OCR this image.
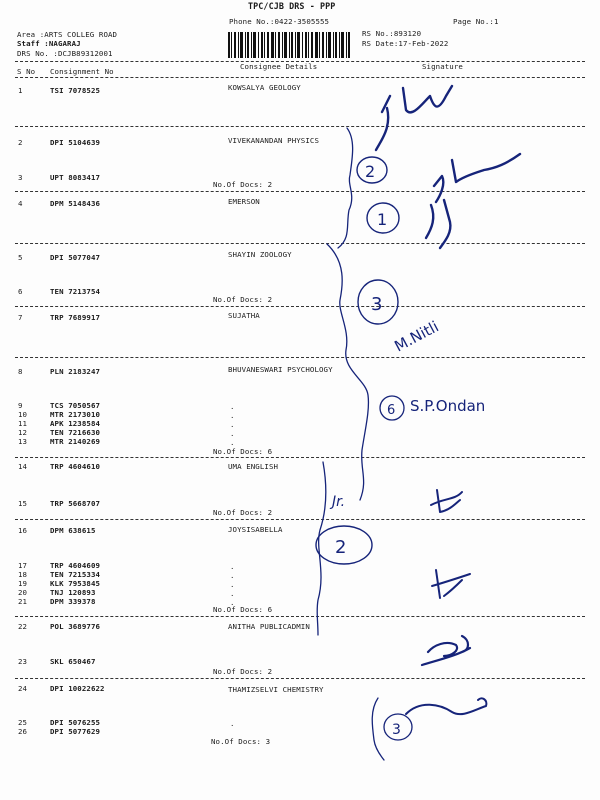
TPC/CJB DRS - PPP
Phone No.:0422-3505555	Page No.:1
Area :ARTS COLLEG ROAD
Staff :NAGARAJ
DRS No. :DCJB89312001
RS No.:893120
RS Date:17-Feb-2022
S No Consignment No
Consignee Details	Signature
1	TSI 7078525	KOWSALYA GEOLOGY
2	DPI 5104639	VIVEKANANDAN PHYSICS
3	UPT 8083417
No.Of Docs: 2
4	DPM 5148436	EMERSON
5	DPI 5077047	SHAYIN ZOOLOGY
6	TEN 7213754
No.Of Docs: 2
7	TRP 7689917	SUJATHA
8	PLN 2183247	BHUVANESWARI PSYCHOLOGY
9	TCS 7050567
10	MTR 2173010
11	APK 1238584
12	TEN 7216630
13	MTR 2140269
No.Of Docs: 6
14	TRP 4604610	UMA ENGLISH
15	TRP 5668707
No.Of Docs: 2
16	DPM 638615	JOYSISABELLA
17	TRP 4604609
18	TEN 7215334
19	KLK 7953845
20	TNJ 120893
21	DPM 339378
No.Of Docs: 6
22	POL 3689776	ANITHA PUBLICADMIN
23	SKL 650467
No.Of Docs: 2
24	DPI 10022622	THAMIZSELVI CHEMISTRY
25	DPI 5076255
26	DPI 5077629
No.Of Docs: 3
.
.
.
.
.
.
.
.
.
.
.
2
1
3
6
2
3
M.Nitli
S.P.Ondan
Jr.
